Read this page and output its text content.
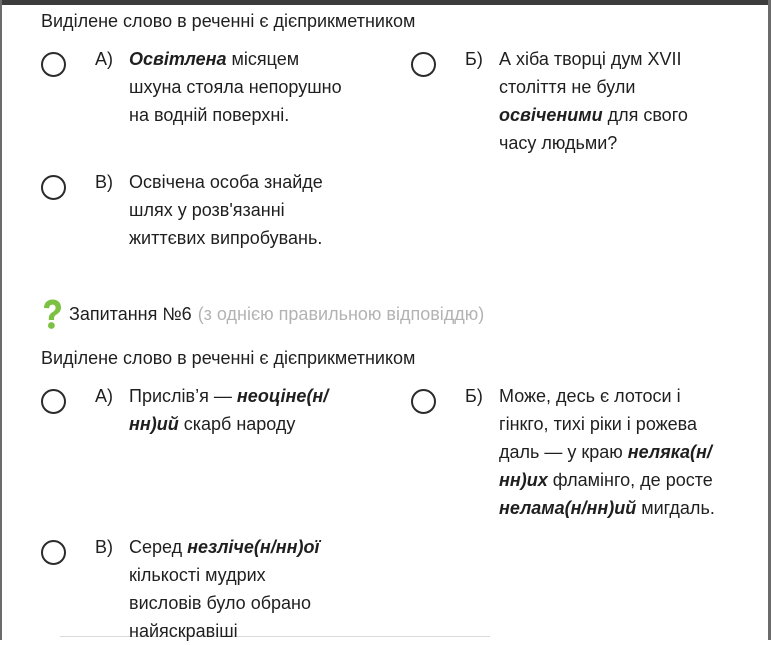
Виділене слово в реченні є дієприкметником
А) Освітлена місяцем
шхуна стояла непорушно
на водній поверхні.
Б) А хіба творці дум XVII
століття не були
освіченими для свого
часу людьми?
В) Освічена особа знайде
шлях у розв'язанні
життєвих випробувань.
Запитання №6 (з однією правильною відповіддю)
Виділене слово в реченні є дієприкметником
А) Прислів’я — неоціне(н/
нн)ий скарб народу
Б) Може, десь є лотоси і
гінкго, тихі ріки і рожева
даль — у краю неляка(н/
нн)их фламінго, де росте
нелама(н/нн)ий мигдаль.
В) Серед незліче(н/нн)ої
кількості мудрих
висловів було обрано
найяскравіші
